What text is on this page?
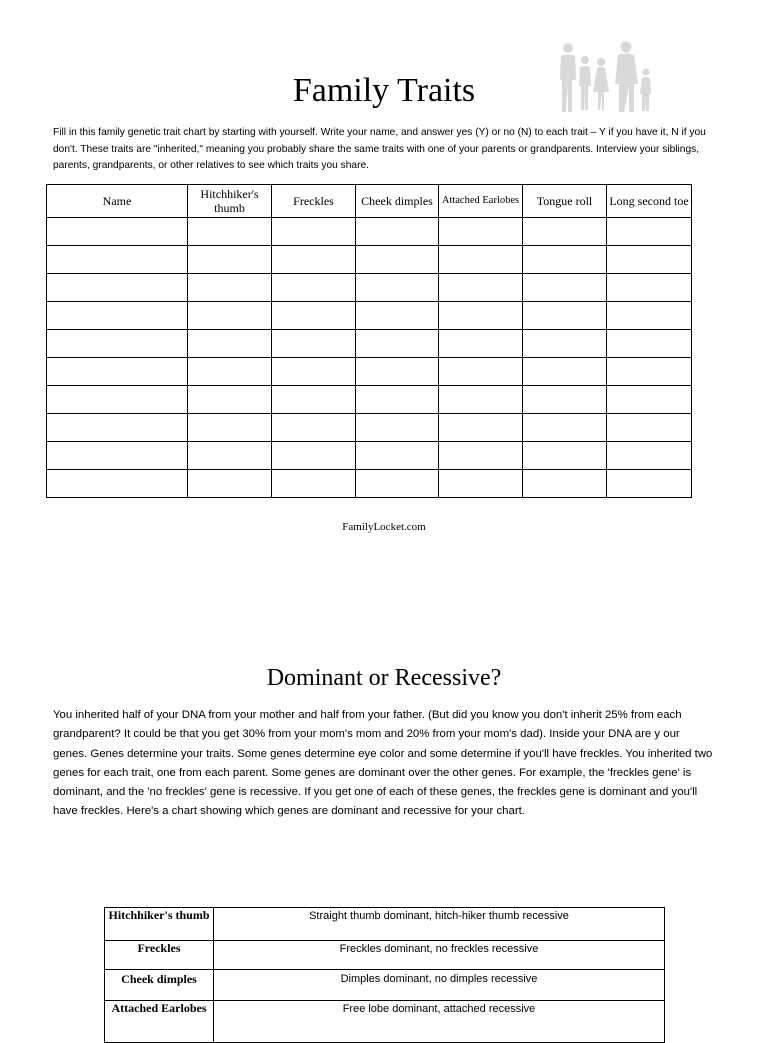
Family Traits
Fill in this family genetic trait chart by starting with yourself. Write your name, and answer yes (Y) or no (N) to each trait – Y if you have it, N if you don't. These traits are "inherited," meaning you probably share the same traits with one of your parents or grandparents. Interview your siblings, parents, grandparents, or other relatives to see which traits you share.
Name	Hitchhiker's thumb	Freckles	Cheek dimples	Attached Earlobes	Tongue roll	Long second toe

FamilyLocket.com
Dominant or Recessive?
You inherited half of your DNA from your mother and half from your father. (But did you know you don't inherit 25% from each grandparent? It could be that you get 30% from your mom's mom and 20% from your mom's dad). Inside your DNA are y our genes. Genes determine your traits. Some genes determine eye color and some determine if you'll have freckles. You inherited two genes for each trait, one from each parent. Some genes are dominant over the other genes. For example, the 'freckles gene' is dominant, and the 'no freckles' gene is recessive. If you get one of each of these genes, the freckles gene is dominant and you'll have freckles. Here's a chart showing which genes are dominant and recessive for your chart.
Hitchhiker's thumb	Straight thumb dominant, hitch-hiker thumb recessive
Freckles	Freckles dominant, no freckles recessive
Cheek dimples	Dimples dominant, no dimples recessive
Attached Earlobes	Free lobe dominant, attached recessive
